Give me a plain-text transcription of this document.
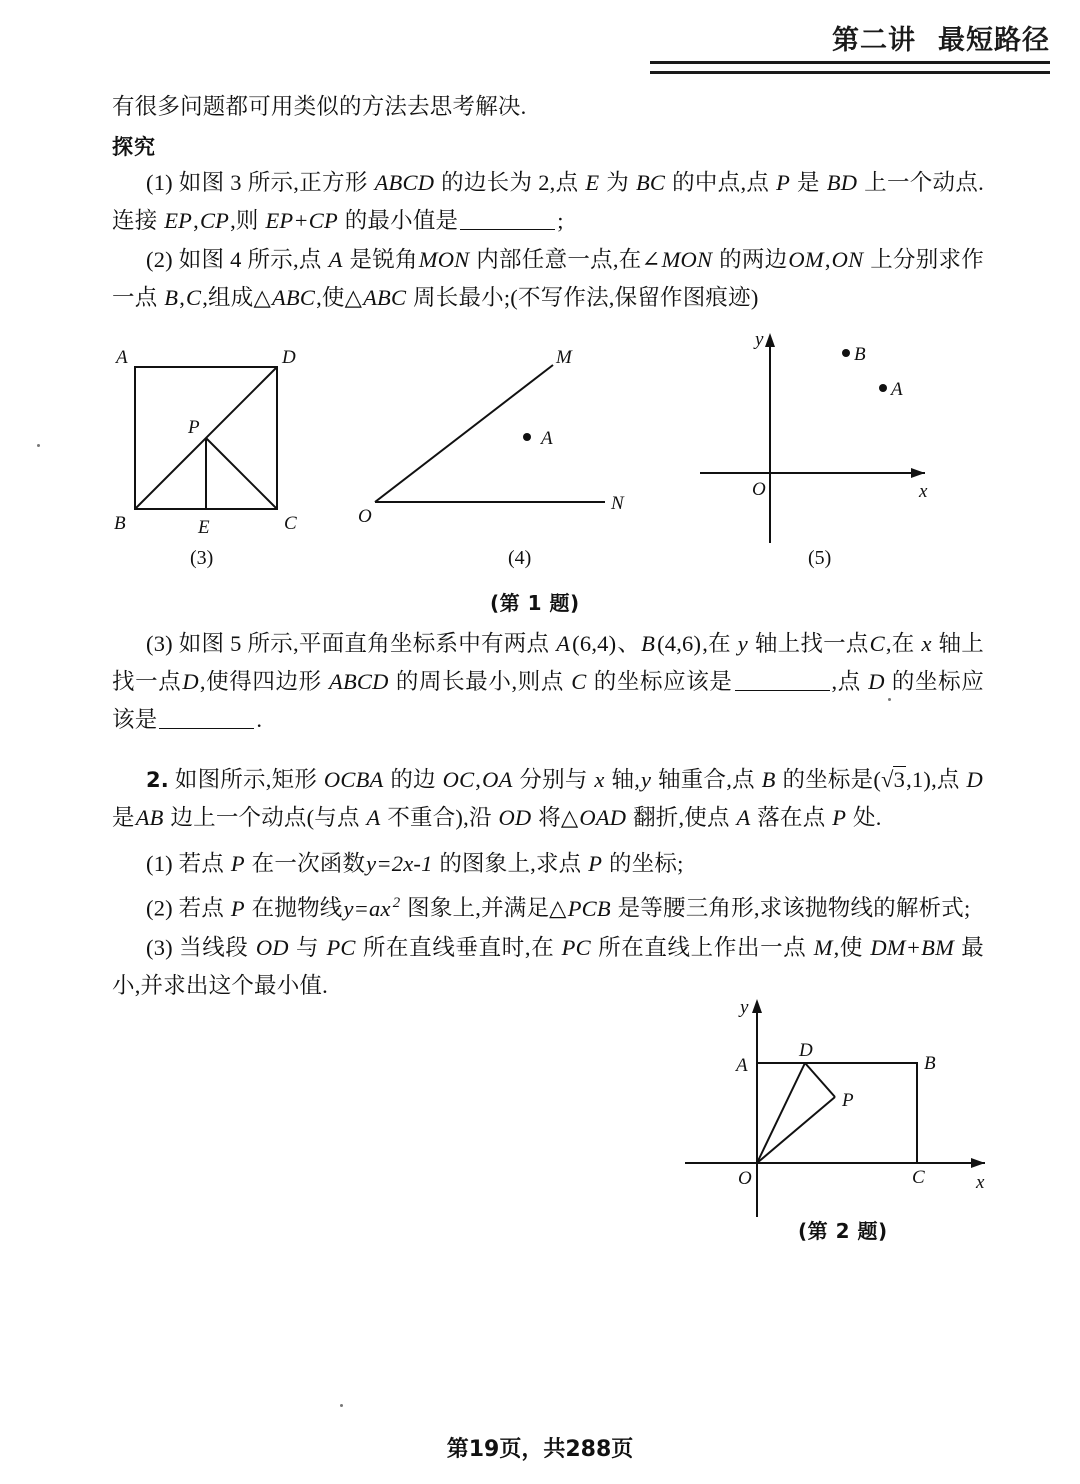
第二讲 最短路径

有很多问题都可用类似的方法去思考解决.

探究

(1) 如图 3 所示,正方形 ABCD 的边长为 2,点 E 为 BC 的中点,点 P 是 BD 上一个动点. 连接 EP,CP,则 EP+CP 的最小值是	;

(2) 如图 4 所示,点 A 是锐角MON 内部任意一点,在∠MON 的两边OM,ON 上分别求作一点 B,C,组成△ABC,使△ABC 周长最小;(不写作法,保留作图痕迹)

A	D
B	C
E
P
M
N
O
A
B
A
O	x
y
(3)	(4)	(5)
(第 1 题)

(3) 如图 5 所示,平面直角坐标系中有两点 A(6,4)、B(4,6),在 y 轴上找一点C,在 x 轴上找一点D,使得四边形 ABCD 的周长最小,则点 C 的坐标应该是	,点 D 的坐标应该是	.

2. 如图所示,矩形 OCBA 的边 OC,OA 分别与 x 轴,y 轴重合,点 B 的坐标是(√3,1),点 D 是AB 边上一个动点(与点 A 不重合),沿 OD 将△OAD 翻折,使点 A 落在点 P 处.

(1) 若点 P 在一次函数y=2x-1 的图象上,求点 P 的坐标;

(2) 若点 P 在抛物线y=ax $^2$ 图象上,并满足△PCB 是等腰三角形,求该抛物线的解析式;

(3) 当线段 OD 与 PC 所在直线垂直时,在 PC 所在直线上作出一点 M,使 DM+BM 最小,并求出这个最小值.

A	B
C
D
P
O	x
y
(第 2 题)
第19页，共288页
